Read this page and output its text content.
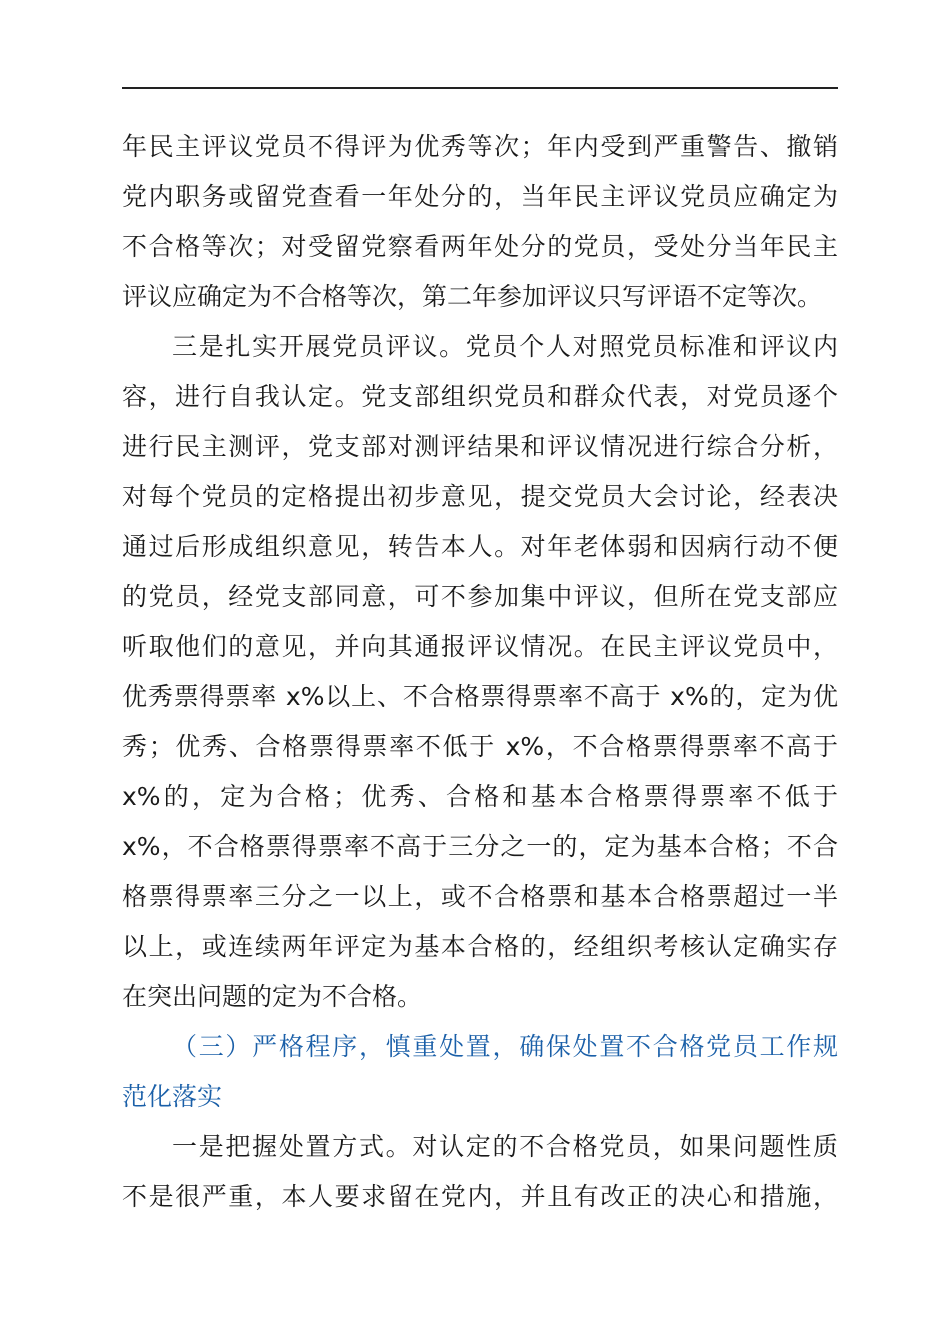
年民主评议党员不得评为优秀等次；年内受到严重警告、撤销
党内职务或留党查看一年处分的，当年民主评议党员应确定为
不合格等次；对受留党察看两年处分的党员，受处分当年民主
评议应确定为不合格等次，第二年参加评议只写评语不定等次。
三是扎实开展党员评议。党员个人对照党员标准和评议内
容，进行自我认定。党支部组织党员和群众代表，对党员逐个
进行民主测评，党支部对测评结果和评议情况进行综合分析，
对每个党员的定格提出初步意见，提交党员大会讨论，经表决
通过后形成组织意见，转告本人。对年老体弱和因病行动不便
的党员，经党支部同意，可不参加集中评议，但所在党支部应
听取他们的意见，并向其通报评议情况。在民主评议党员中，
优秀票得票率 x%以上、不合格票得票率不高于 x%的，定为优
秀；优秀、合格票得票率不低于 x%，不合格票得票率不高于
x%的，定为合格；优秀、合格和基本合格票得票率不低于
x%，不合格票得票率不高于三分之一的，定为基本合格；不合
格票得票率三分之一以上，或不合格票和基本合格票超过一半
以上，或连续两年评定为基本合格的，经组织考核认定确实存
在突出问题的定为不合格。
（三）严格程序，慎重处置，确保处置不合格党员工作规
范化落实
一是把握处置方式。对认定的不合格党员，如果问题性质
不是很严重，本人要求留在党内，并且有改正的决心和措施，
